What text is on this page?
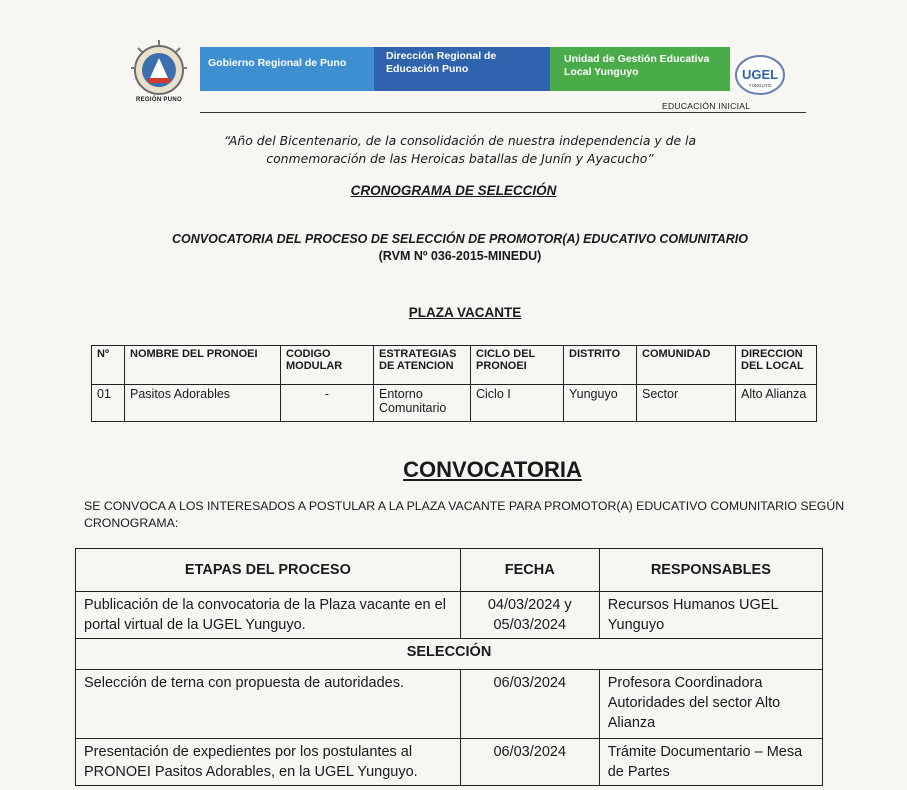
REGIÓN PUNO
Gobierno Regional de Puno
Dirección Regional de
Educación Puno
Unidad de Gestión Educativa
Local Yunguyo	UGEL
YUNGUYO
EDUCACIÓN INICIAL
“Año del Bicentenario, de la consolidación de nuestra independencia y de la
conmemoración de las Heroicas batallas de Junín y Ayacucho”
CRONOGRAMA DE SELECCIÓN
CONVOCATORIA DEL PROCESO DE SELECCIÓN DE PROMOTOR(A) EDUCATIVO COMUNITARIO
(RVM Nº 036-2015-MINEDU)
PLAZA VACANTE
Nº	NOMBRE DEL PRONOEI	CODIGO MODULAR	ESTRATEGIAS DE ATENCION	CICLO DEL PRONOEI	DISTRITO	COMUNIDAD	DIRECCION DEL LOCAL
01	Pasitos Adorables	-	Entorno Comunitario	Ciclo I	Yunguyo	Sector	Alto Alianza
CONVOCATORIA
SE CONVOCA A LOS INTERESADOS A POSTULAR A LA PLAZA VACANTE PARA PROMOTOR(A) EDUCATIVO COMUNITARIO SEGÚN CRONOGRAMA:
ETAPAS DEL PROCESO	FECHA	RESPONSABLES
Publicación de la convocatoria de la Plaza vacante en el portal virtual de la UGEL Yunguyo.	04/03/2024 y 05/03/2024	Recursos Humanos UGEL Yunguyo
SELECCIÓN		
Selección de terna con propuesta de autoridades.	06/03/2024	Profesora Coordinadora Autoridades del sector Alto Alianza
Presentación de expedientes por los postulantes al PRONOEI Pasitos Adorables, en la UGEL Yunguyo.	06/03/2024	Trámite Documentario – Mesa de Partes
